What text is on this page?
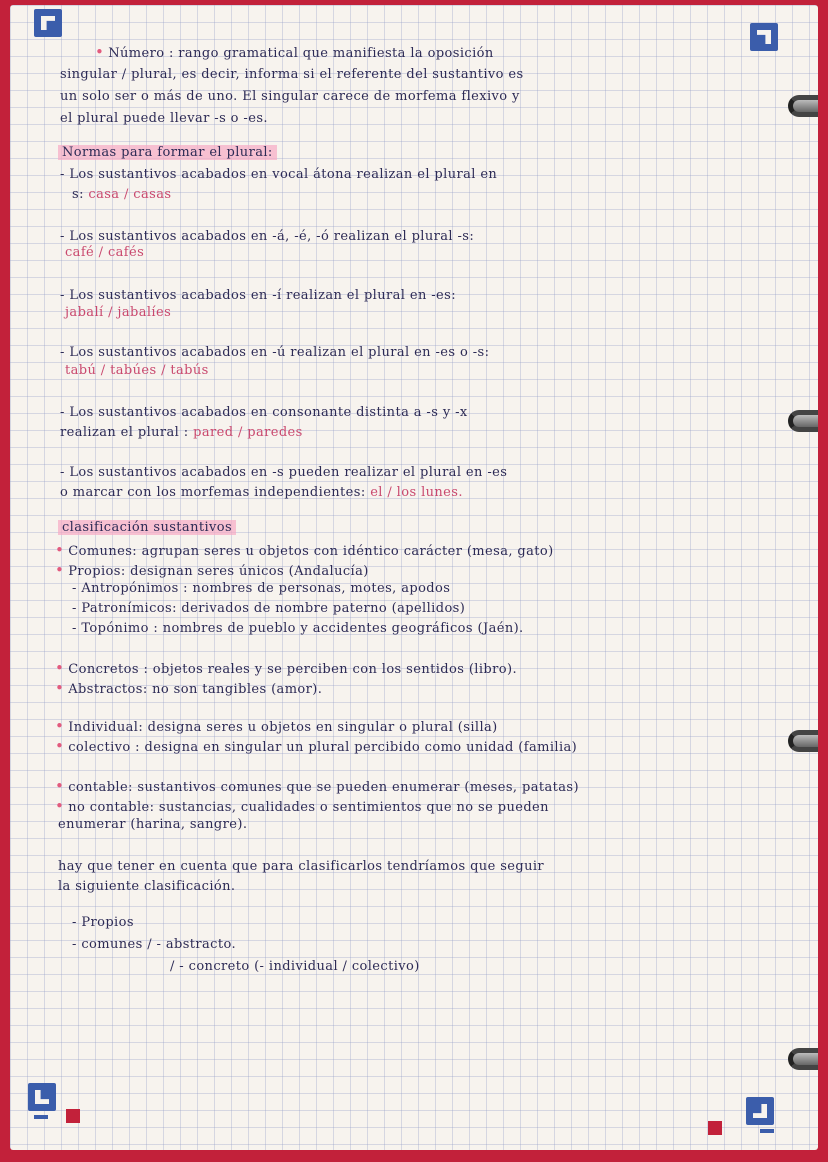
• Número : rango gramatical que manifiesta la oposición
singular / plural, es decir, informa si el referente del sustantivo es
un solo ser o más de uno. El singular carece de morfema flexivo y
el plural puede llevar -s o -es.
Normas para formar el plural:
- Los sustantivos acabados en vocal átona realizan el plural en
s: casa / casas
- Los sustantivos acabados en -á, -é, -ó realizan el plural -s:
café / cafés
- Los sustantivos acabados en -í realizan el plural en -es:
jabalí / jabalíes
- Los sustantivos acabados en -ú realizan el plural en -es o -s:
tabú / tabúes / tabús
- Los sustantivos acabados en consonante distinta a -s y -x
realizan el plural : pared / paredes
- Los sustantivos acabados en -s pueden realizar el plural en -es
o marcar con los morfemas independientes: el / los lunes.
clasificación sustantivos
• Comunes: agrupan seres u objetos con idéntico carácter (mesa, gato)
• Propios: designan seres únicos (Andalucía)
- Antropónimos : nombres de personas, motes, apodos
- Patronímicos: derivados de nombre paterno (apellidos)
- Topónimo : nombres de pueblo y accidentes geográficos (Jaén).
• Concretos : objetos reales y se perciben con los sentidos (libro).
• Abstractos: no son tangibles (amor).
• Individual: designa seres u objetos en singular o plural (silla)
• colectivo : designa en singular un plural percibido como unidad (familia)
• contable: sustantivos comunes que se pueden enumerar (meses, patatas)
• no contable: sustancias, cualidades o sentimientos que no se pueden
enumerar (harina, sangre).
hay que tener en cuenta que para clasificarlos tendríamos que seguir
la siguiente clasificación.
- Propios
- comunes / - abstracto.
/ - concreto (- individual / colectivo)
